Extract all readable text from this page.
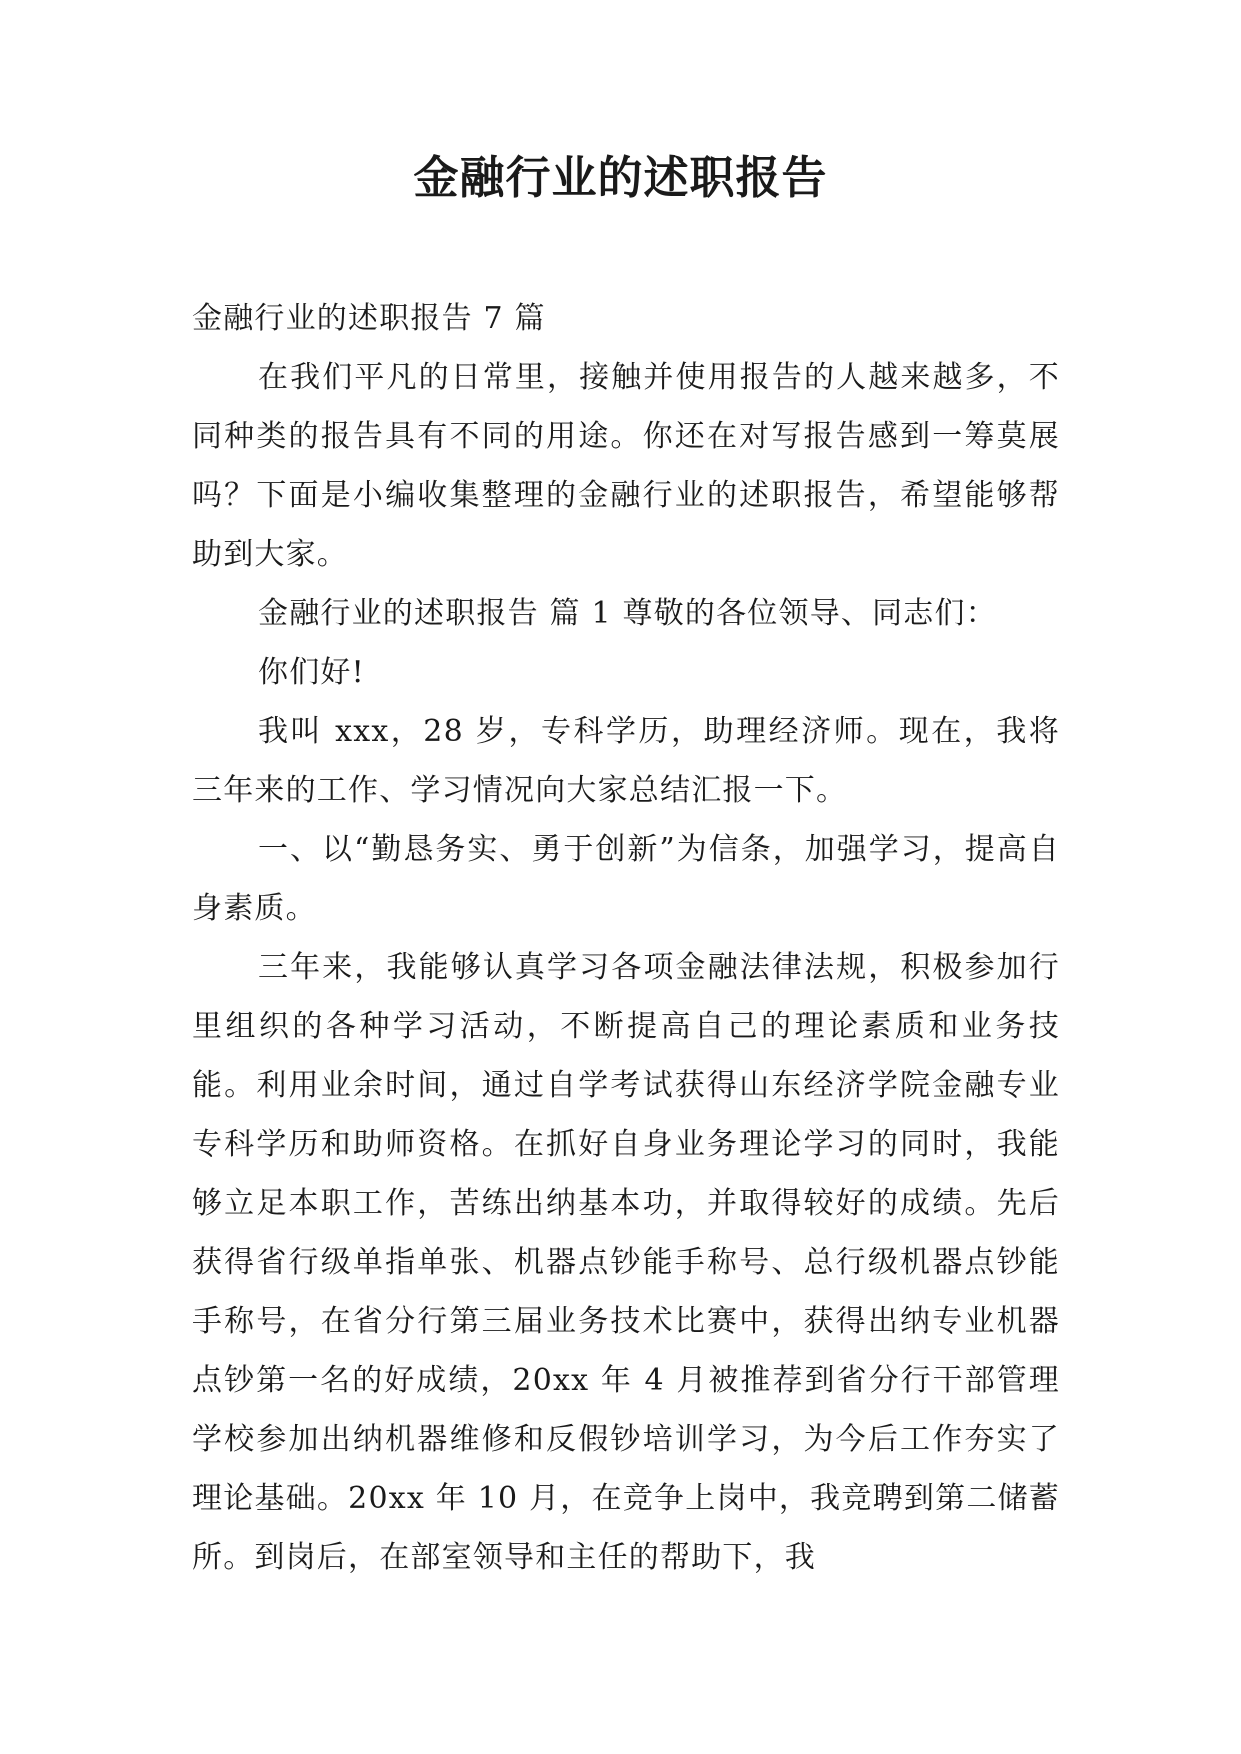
金融行业的述职报告

金融行业的述职报告 7 篇

在我们平凡的日常里，接触并使用报告的人越来越多，不同种类的报告具有不同的用途。你还在对写报告感到一筹莫展吗？下面是小编收集整理的金融行业的述职报告，希望能够帮助到大家。

金融行业的述职报告 篇 1 尊敬的各位领导、同志们：

你们好!

我叫 xxx，28 岁，专科学历，助理经济师。现在，我将三年来的工作、学习情况向大家总结汇报一下。

一、以“勤恳务实、勇于创新”为信条，加强学习，提高自身素质。

三年来，我能够认真学习各项金融法律法规，积极参加行里组织的各种学习活动，不断提高自己的理论素质和业务技能。利用业余时间，通过自学考试获得山东经济学院金融专业专科学历和助师资格。在抓好自身业务理论学习的同时，我能够立足本职工作，苦练出纳基本功，并取得较好的成绩。先后获得省行级单指单张、机器点钞能手称号、总行级机器点钞能手称号，在省分行第三届业务技术比赛中，获得出纳专业机器点钞第一名的好成绩，20xx 年 4 月被推荐到省分行干部管理学校参加出纳机器维修和反假钞培训学习，为今后工作夯实了理论基础。20xx 年 10 月，在竞争上岗中，我竞聘到第二储蓄所。到岗后，在部室领导和主任的帮助下，我
